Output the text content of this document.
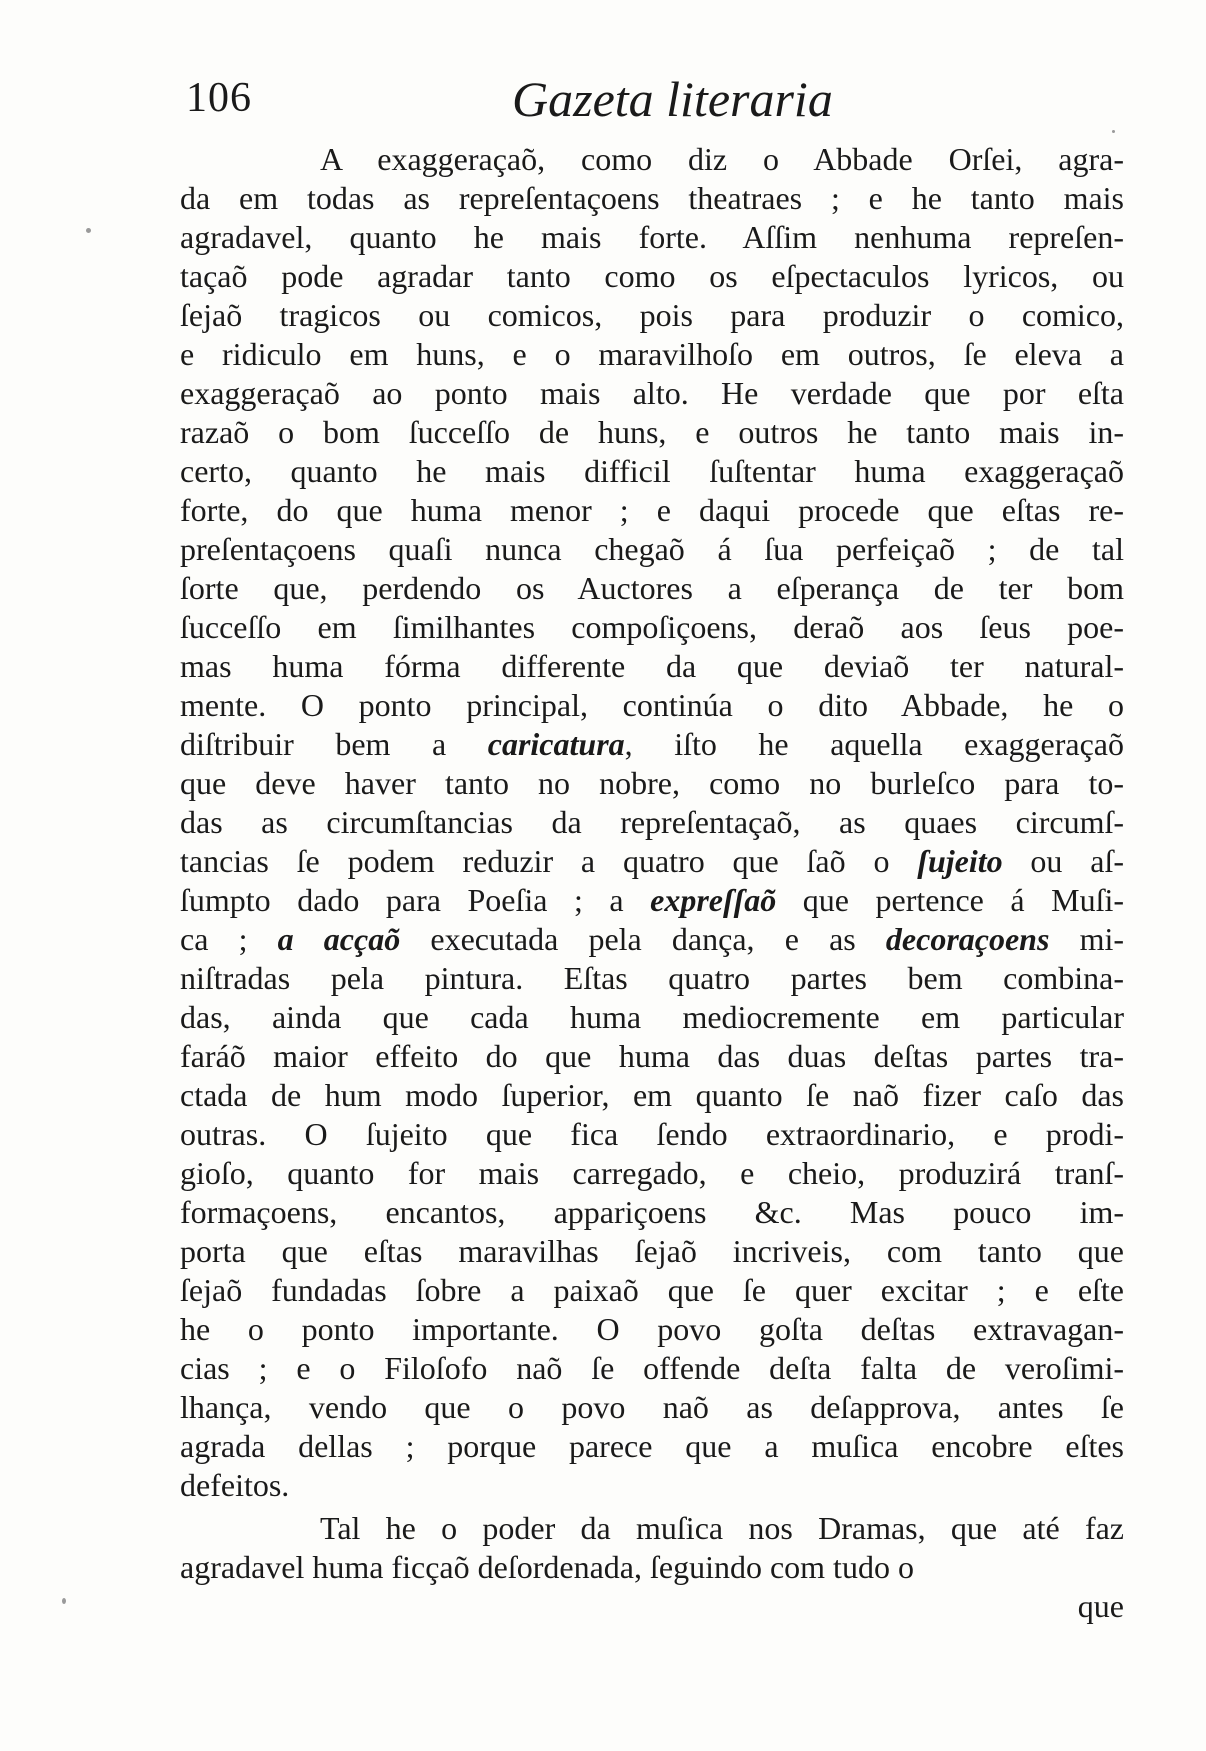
106	Gazeta literaria
A exaggeraçaõ, como diz o Abbade Orſei, agra-
da em todas as repreſentaçoens theatraes ; e he tanto mais
agradavel, quanto he mais forte. Aſſim nenhuma repreſen-
taçaõ pode agradar tanto como os eſpectaculos lyricos, ou
ſejaõ tragicos ou comicos, pois para produzir o comico,
e ridiculo em huns, e o maravilhoſo em outros, ſe eleva a
exaggeraçaõ ao ponto mais alto. He verdade que por eſta
razaõ o bom ſucceſſo de huns, e outros he tanto mais in-
certo, quanto he mais difficil ſuſtentar huma exaggeraçaõ
forte, do que huma menor ; e daqui procede que eſtas re-
preſentaçoens quaſi nunca chegaõ á ſua perfeiçaõ ; de tal
ſorte que, perdendo os Auctores a eſperança de ter bom
ſucceſſo em ſimilhantes compoſiçoens, deraõ aos ſeus poe-
mas huma fórma differente da que deviaõ ter natural-
mente. O ponto principal, continúa o dito Abbade, he o
diſtribuir bem a caricatura, iſto he aquella exaggeraçaõ
que deve haver tanto no nobre, como no burleſco para to-
das as circumſtancias da repreſentaçaõ, as quaes circumſ-
tancias ſe podem reduzir a quatro que ſaõ o ſujeito ou aſ-
ſumpto dado para Poeſia ; a expreſſaõ que pertence á Muſi-
ca ; a acçaõ executada pela dança, e as decoraçoens mi-
niſtradas pela pintura. Eſtas quatro partes bem combina-
das, ainda que cada huma mediocremente em particular
faráõ maior effeito do que huma das duas deſtas partes tra-
ctada de hum modo ſuperior, em quanto ſe naõ fizer caſo das
outras. O ſujeito que fica ſendo extraordinario, e prodi-
gioſo, quanto for mais carregado, e cheio, produzirá tranſ-
formaçoens, encantos, appariçoens &c. Mas pouco im-
porta que eſtas maravilhas ſejaõ incriveis, com tanto que
ſejaõ fundadas ſobre a paixaõ que ſe quer excitar ; e eſte
he o ponto importante. O povo goſta deſtas extravagan-
cias ; e o Filoſofo naõ ſe offende deſta falta de veroſimi-
lhança, vendo que o povo naõ as deſapprova, antes ſe
agrada dellas ; porque parece que a muſica encobre eſtes
defeitos.
Tal he o poder da muſica nos Dramas, que até faz
agradavel huma ficçaõ deſordenada, ſeguindo com tudo o
que
